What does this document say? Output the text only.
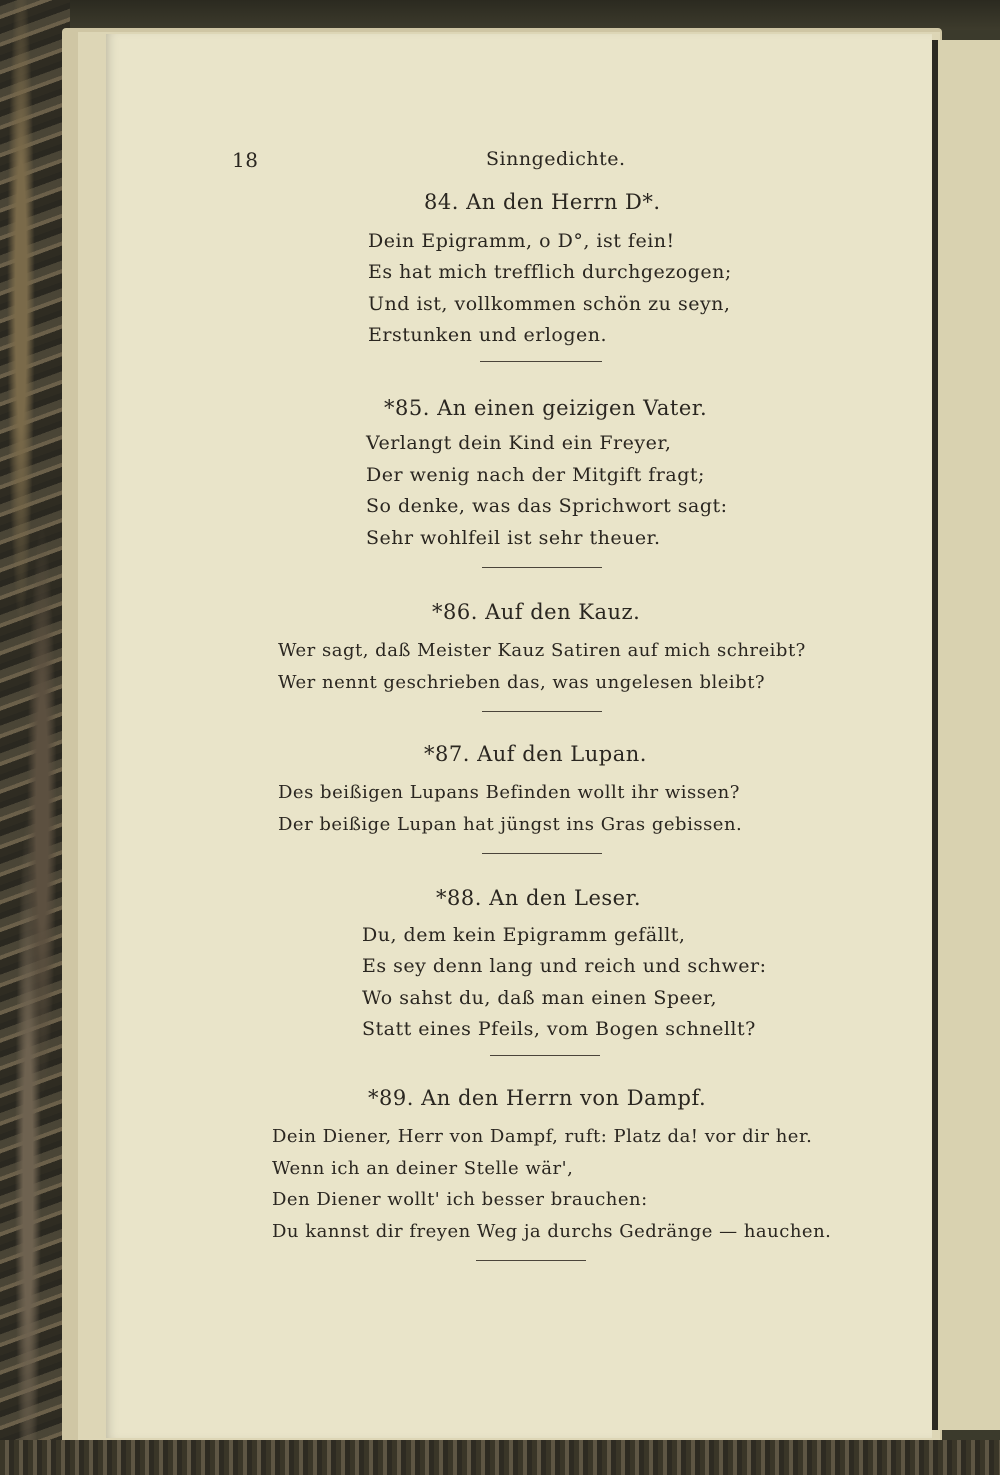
18	Sinngedichte.
84. An den Herrn D*.
Dein Epigramm, o D°, ist fein!
Es hat mich trefflich durchgezogen;
Und ist, vollkommen schön zu seyn,
Erstunken und erlogen.
*85. An einen geizigen Vater.
Verlangt dein Kind ein Freyer,
Der wenig nach der Mitgift fragt;
So denke, was das Sprichwort sagt:
Sehr wohlfeil ist sehr theuer.
*86. Auf den Kauz.
Wer sagt, daß Meister Kauz Satiren auf mich schreibt?
Wer nennt geschrieben das, was ungelesen bleibt?
*87. Auf den Lupan.
Des beißigen Lupans Befinden wollt ihr wissen?
Der beißige Lupan hat jüngst ins Gras gebissen.
*88. An den Leser.
Du, dem kein Epigramm gefällt,
Es sey denn lang und reich und schwer:
Wo sahst du, daß man einen Speer,
Statt eines Pfeils, vom Bogen schnellt?
*89. An den Herrn von Dampf.
Dein Diener, Herr von Dampf, ruft: Platz da! vor dir her.
Wenn ich an deiner Stelle wär',
Den Diener wollt' ich besser brauchen:
Du kannst dir freyen Weg ja durchs Gedränge — hauchen.
